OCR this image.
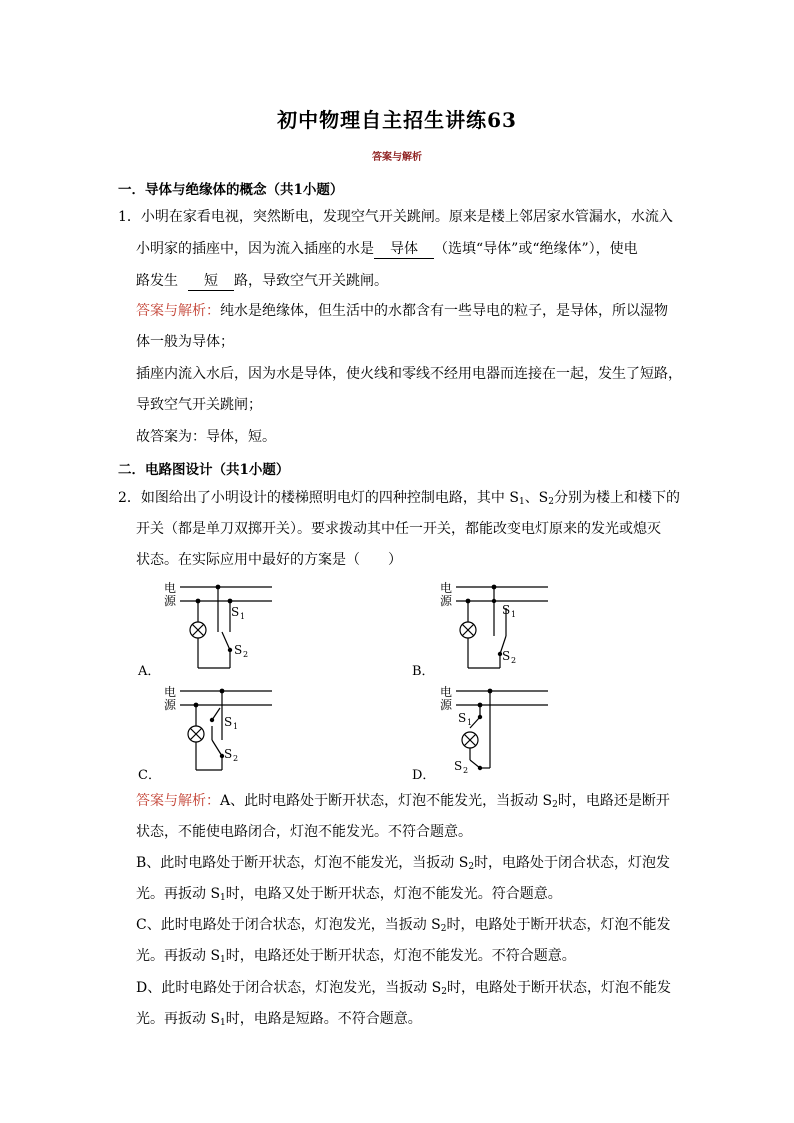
初中物理自主招生讲练63
答案与解析
一．导体与绝缘体的概念（共1小题）
1．小明在家看电视，突然断电，发现空气开关跳闸。原来是楼上邻居家水管漏水，水流入
小明家的插座中，因为流入插座的水是 导体 （选填“导体”或“绝缘体”），使电
路发生 短 路，导致空气开关跳闸。
答案与解析：纯水是绝缘体，但生活中的水都含有一些导电的粒子，是导体，所以湿物
体一般为导体；
插座内流入水后，因为水是导体，使火线和零线不经用电器而连接在一起，发生了短路，
导致空气开关跳闸；
故答案为：导体，短。
二．电路图设计（共1小题）
2．如图给出了小明设计的楼梯照明电灯的四种控制电路，其中 $S_1$、$S_2$分别为楼上和楼下的
开关（都是单刀双掷开关）。要求拨动其中任一开关，都能改变电灯原来的发光或熄灭
状态。在实际应用中最好的方案是（　　）
A．	B．
C．	D．
电
源
S 1
S 2
电
源
S 1
S 2
电
源
S 1
S 2
电
源
S 1
S 2
答案与解析：A、此时电路处于断开状态，灯泡不能发光，当扳动 $S_2$时，电路还是断开
状态，不能使电路闭合，灯泡不能发光。不符合题意。
B、此时电路处于断开状态，灯泡不能发光，当扳动 $S_2$时，电路处于闭合状态，灯泡发
光。再扳动 $S_1$时，电路又处于断开状态，灯泡不能发光。符合题意。
C、此时电路处于闭合状态，灯泡发光，当扳动 $S_2$时，电路处于断开状态，灯泡不能发
光。再扳动 $S_1$时，电路还处于断开状态，灯泡不能发光。不符合题意。
D、此时电路处于闭合状态，灯泡发光，当扳动 $S_2$时，电路处于断开状态，灯泡不能发
光。再扳动 $S_1$时，电路是短路。不符合题意。
